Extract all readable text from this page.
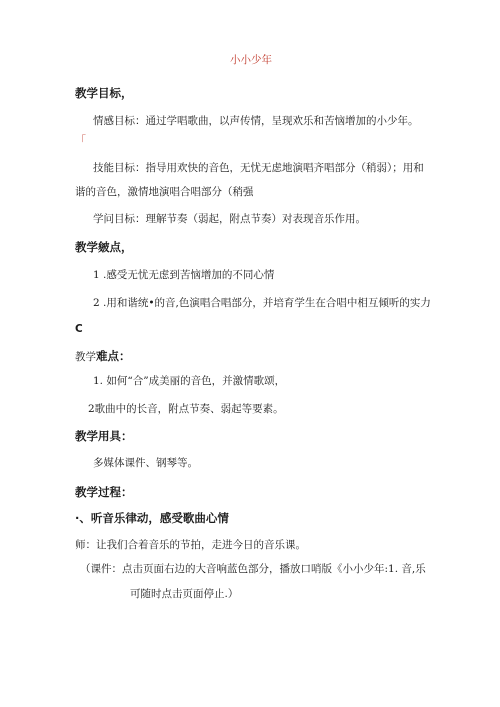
小小少年
教学目标，
情感目标：通过学唱歌曲，以声传情，呈现欢乐和苦恼增加的小少年。
「
技能目标：指导用欢快的音色，无忧无虑地演唱齐唱部分（稍弱）；用和
谐的音色，激情地演唱合唱部分（稍强
学问目标：理解节奏（弱起，附点节奏）对表现音乐作用。
教学皴点，
1 .感受无忧无虑到苦恼增加的不同心情
2 .用和谐统•的音,色演唱合唱部分，并培育学生在合唱中相互倾听的实力
C
教学难点：
1. 如何“合”成美丽的音色，并激情歌颂，
2歌曲中的长音，附点节奏、弱起等要素。
教学用具：
多媒体课件、钢琴等。
教学过程：
·、听音乐律动，感受歌曲心情
师：让我们合着音乐的节拍，走进今日的音乐课。
（课件：点击页面右边的大音响蓝色部分，播放口哨版《小小少年:1. 音,乐
可随时点击页面停止.）
